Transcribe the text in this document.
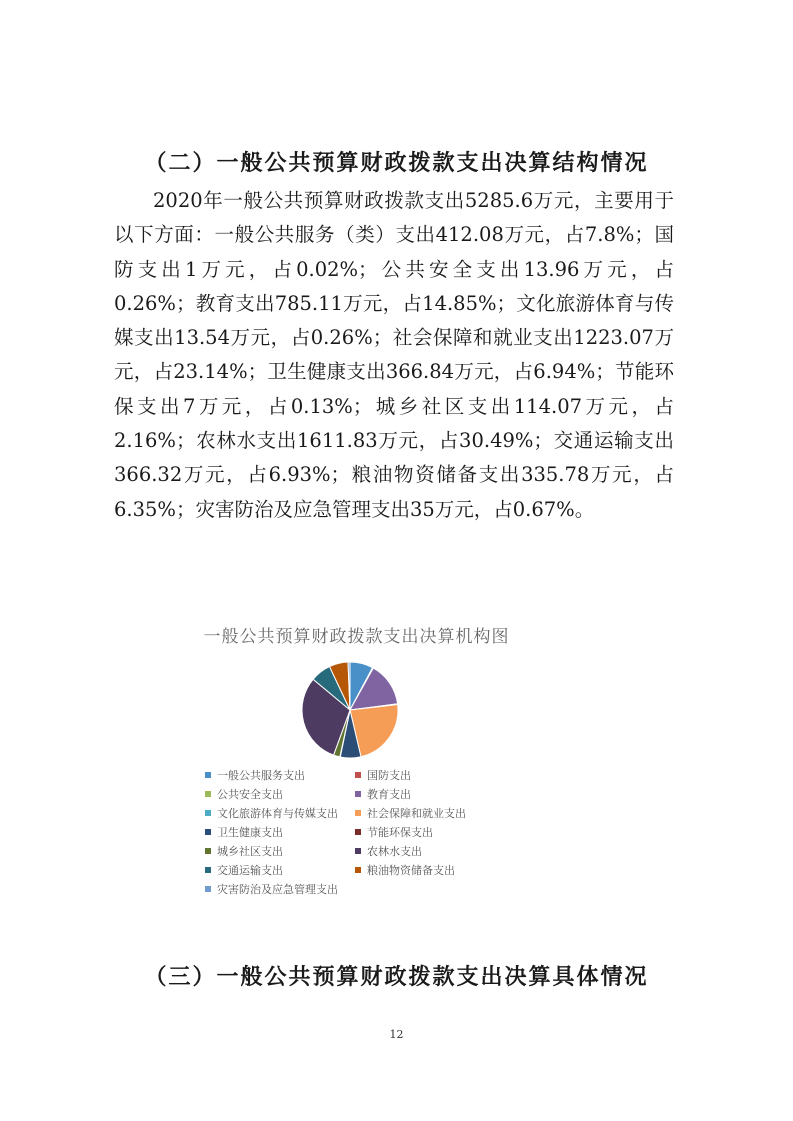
（二）一般公共预算财政拨款支出决算结构情况

2020年一般公共预算财政拨款支出5285.6万元，主要用于以下方面：一般公共服务（类）支出412.08万元，占7.8%；国防支出1万元，占0.02%；公共安全支出13.96万元，占0.26%；教育支出785.11万元，占14.85%；文化旅游体育与传媒支出13.54万元，占0.26%；社会保障和就业支出1223.07万元，占23.14%；卫生健康支出366.84万元，占6.94%；节能环保支出7万元，占0.13%；城乡社区支出114.07万元，占2.16%；农林水支出1611.83万元，占30.49%；交通运输支出366.32万元，占6.93%；粮油物资储备支出335.78万元，占6.35%；灾害防治及应急管理支出35万元，占0.67%。

一般公共预算财政拨款支出决算机构图
一般公共服务支出	国防支出
公共安全支出	教育支出
文化旅游体育与传媒支出	社会保障和就业支出
卫生健康支出	节能环保支出
城乡社区支出	农林水支出
交通运输支出	粮油物资储备支出
灾害防治及应急管理支出
（三）一般公共预算财政拨款支出决算具体情况
12
